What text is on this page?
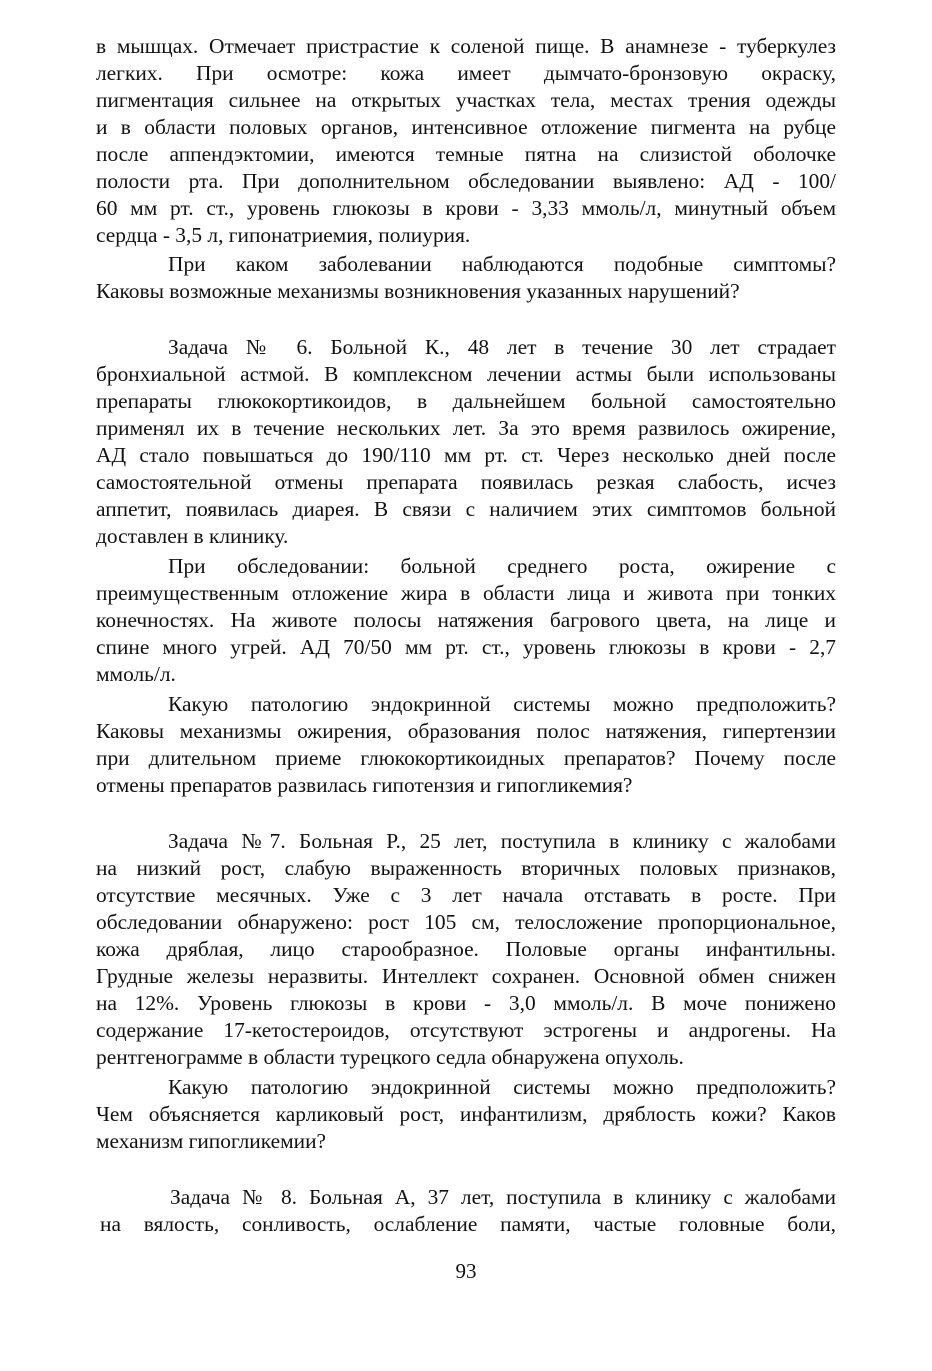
в мышцах. Отмечает пристрастие к соленой пище. В анамнезе - туберкулез
легких. При осмотре: кожа имеет дымчато-бронзовую окраску,
пигментация сильнее на открытых участках тела, местах трения одежды
и в области половых органов, интенсивное отложение пигмента на рубце
после аппендэктомии, имеются темные пятна на слизистой оболочке
полости рта. При дополнительном обследовании выявлено: АД - 100/
60 мм рт. ст., уровень глюкозы в крови - 3,33 ммоль/л, минутный объем
сердца - 3,5 л, гипонатриемия, полиурия.
При каком заболевании наблюдаются подобные симптомы?
Каковы возможные механизмы возникновения указанных нарушений?
Задача № 6. Больной К., 48 лет в течение 30 лет страдает
бронхиальной астмой. В комплексном лечении астмы были использованы
препараты глюкокортикоидов, в дальнейшем больной самостоятельно
применял их в течение нескольких лет. За это время развилось ожирение,
АД стало повышаться до 190/110 мм рт. ст. Через несколько дней после
самостоятельной отмены препарата появилась резкая слабость, исчез
аппетит, появилась диарея. В связи с наличием этих симптомов больной
доставлен в клинику.
При обследовании: больной среднего роста, ожирение с
преимущественным отложение жира в области лица и живота при тонких
конечностях. На животе полосы натяжения багрового цвета, на лице и
спине много угрей. АД 70/50 мм рт. ст., уровень глюкозы в крови - 2,7
ммоль/л.
Какую патологию эндокринной системы можно предположить?
Каковы механизмы ожирения, образования полос натяжения, гипертензии
при длительном приеме глюкокортикоидных препаратов? Почему после
отмены препаратов развилась гипотензия и гипогликемия?
Задача №7. Больная Р., 25 лет, поступила в клинику с жалобами
на низкий рост, слабую выраженность вторичных половых признаков,
отсутствие месячных. Уже с 3 лет начала отставать в росте. При
обследовании обнаружено: рост 105 см, телосложение пропорциональное,
кожа дряблая, лицо старообразное. Половые органы инфантильны.
Грудные железы неразвиты. Интеллект сохранен. Основной обмен снижен
на 12%. Уровень глюкозы в крови - 3,0 ммоль/л. В моче понижено
содержание 17-кетостероидов, отсутствуют эстрогены и андрогены. На
рентгенограмме в области турецкого седла обнаружена опухоль.
Какую патологию эндокринной системы можно предположить?
Чем объясняется карликовый рост, инфантилизм, дряблость кожи? Каков
механизм гипогликемии?
Задача № 8. Больная А, 37 лет, поступила в клинику с жалобами
на вялость, сонливость, ослабление памяти, частые головные боли,
93
